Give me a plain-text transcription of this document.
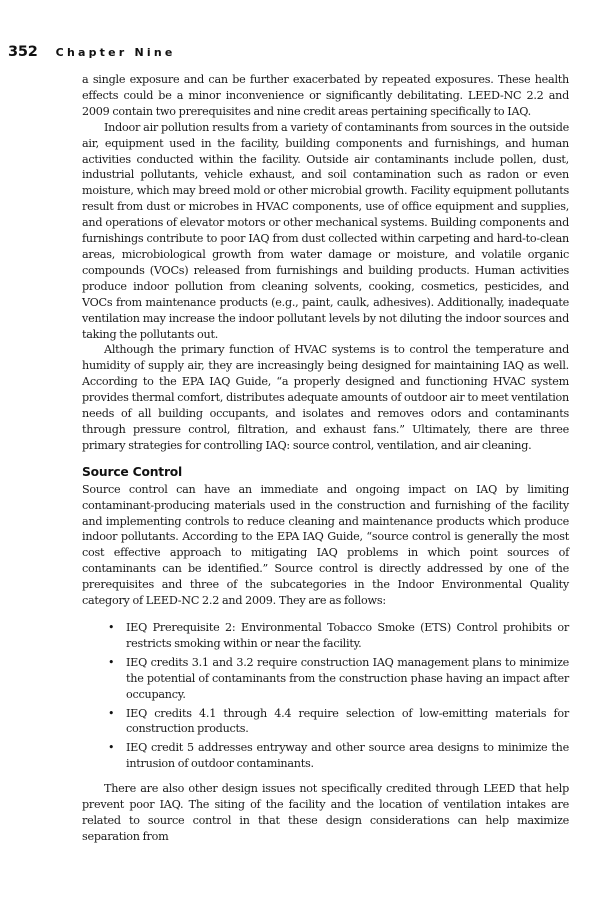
352 Chapter Nine

a single exposure and can be further exacerbated by repeated exposures. These health effects could be a minor inconvenience or significantly debilitating. LEED-NC 2.2 and 2009 contain two prerequisites and nine credit areas pertaining specifically to IAQ.

Indoor air pollution results from a variety of contaminants from sources in the outside air, equipment used in the facility, building components and furnishings, and human activities conducted within the facility. Outside air contaminants include pollen, dust, industrial pollutants, vehicle exhaust, and soil contamination such as radon or even moisture, which may breed mold or other microbial growth. Facility equipment pollutants result from dust or microbes in HVAC components, use of office equipment and supplies, and operations of elevator motors or other mechanical systems. Building components and furnishings contribute to poor IAQ from dust collected within carpeting and hard-to-clean areas, microbiological growth from water damage or moisture, and volatile organic compounds (VOCs) released from furnishings and building products. Human activities produce indoor pollution from cleaning solvents, cooking, cosmetics, pesticides, and VOCs from maintenance products (e.g., paint, caulk, adhesives). Additionally, inadequate ventilation may increase the indoor pollutant levels by not diluting the indoor sources and taking the pollutants out.

Although the primary function of HVAC systems is to control the temperature and humidity of supply air, they are increasingly being designed for maintaining IAQ as well. According to the EPA IAQ Guide, “a properly designed and functioning HVAC system provides thermal comfort, distributes adequate amounts of outdoor air to meet ventilation needs of all building occupants, and isolates and removes odors and contaminants through pressure control, filtration, and exhaust fans.” Ultimately, there are three primary strategies for controlling IAQ: source control, ventilation, and air cleaning.

Source Control

Source control can have an immediate and ongoing impact on IAQ by limiting contaminant-producing materials used in the construction and furnishing of the facility and implementing controls to reduce cleaning and maintenance products which produce indoor pollutants. According to the EPA IAQ Guide, “source control is generally the most cost effective approach to mitigating IAQ problems in which point sources of contaminants can be identified.” Source control is directly addressed by one of the prerequisites and three of the subcategories in the Indoor Environmental Quality category of LEED-NC 2.2 and 2009. They are as follows:

• IEQ Prerequisite 2: Environmental Tobacco Smoke (ETS) Control prohibits or restricts smoking within or near the facility.
• IEQ credits 3.1 and 3.2 require construction IAQ management plans to minimize the potential of contaminants from the construction phase having an impact after occupancy.
• IEQ credits 4.1 through 4.4 require selection of low-emitting materials for construction products.
• IEQ credit 5 addresses entryway and other source area designs to minimize the intrusion of outdoor contaminants.

There are also other design issues not specifically credited through LEED that help prevent poor IAQ. The siting of the facility and the location of ventilation intakes are related to source control in that these design considerations can help maximize separation from
